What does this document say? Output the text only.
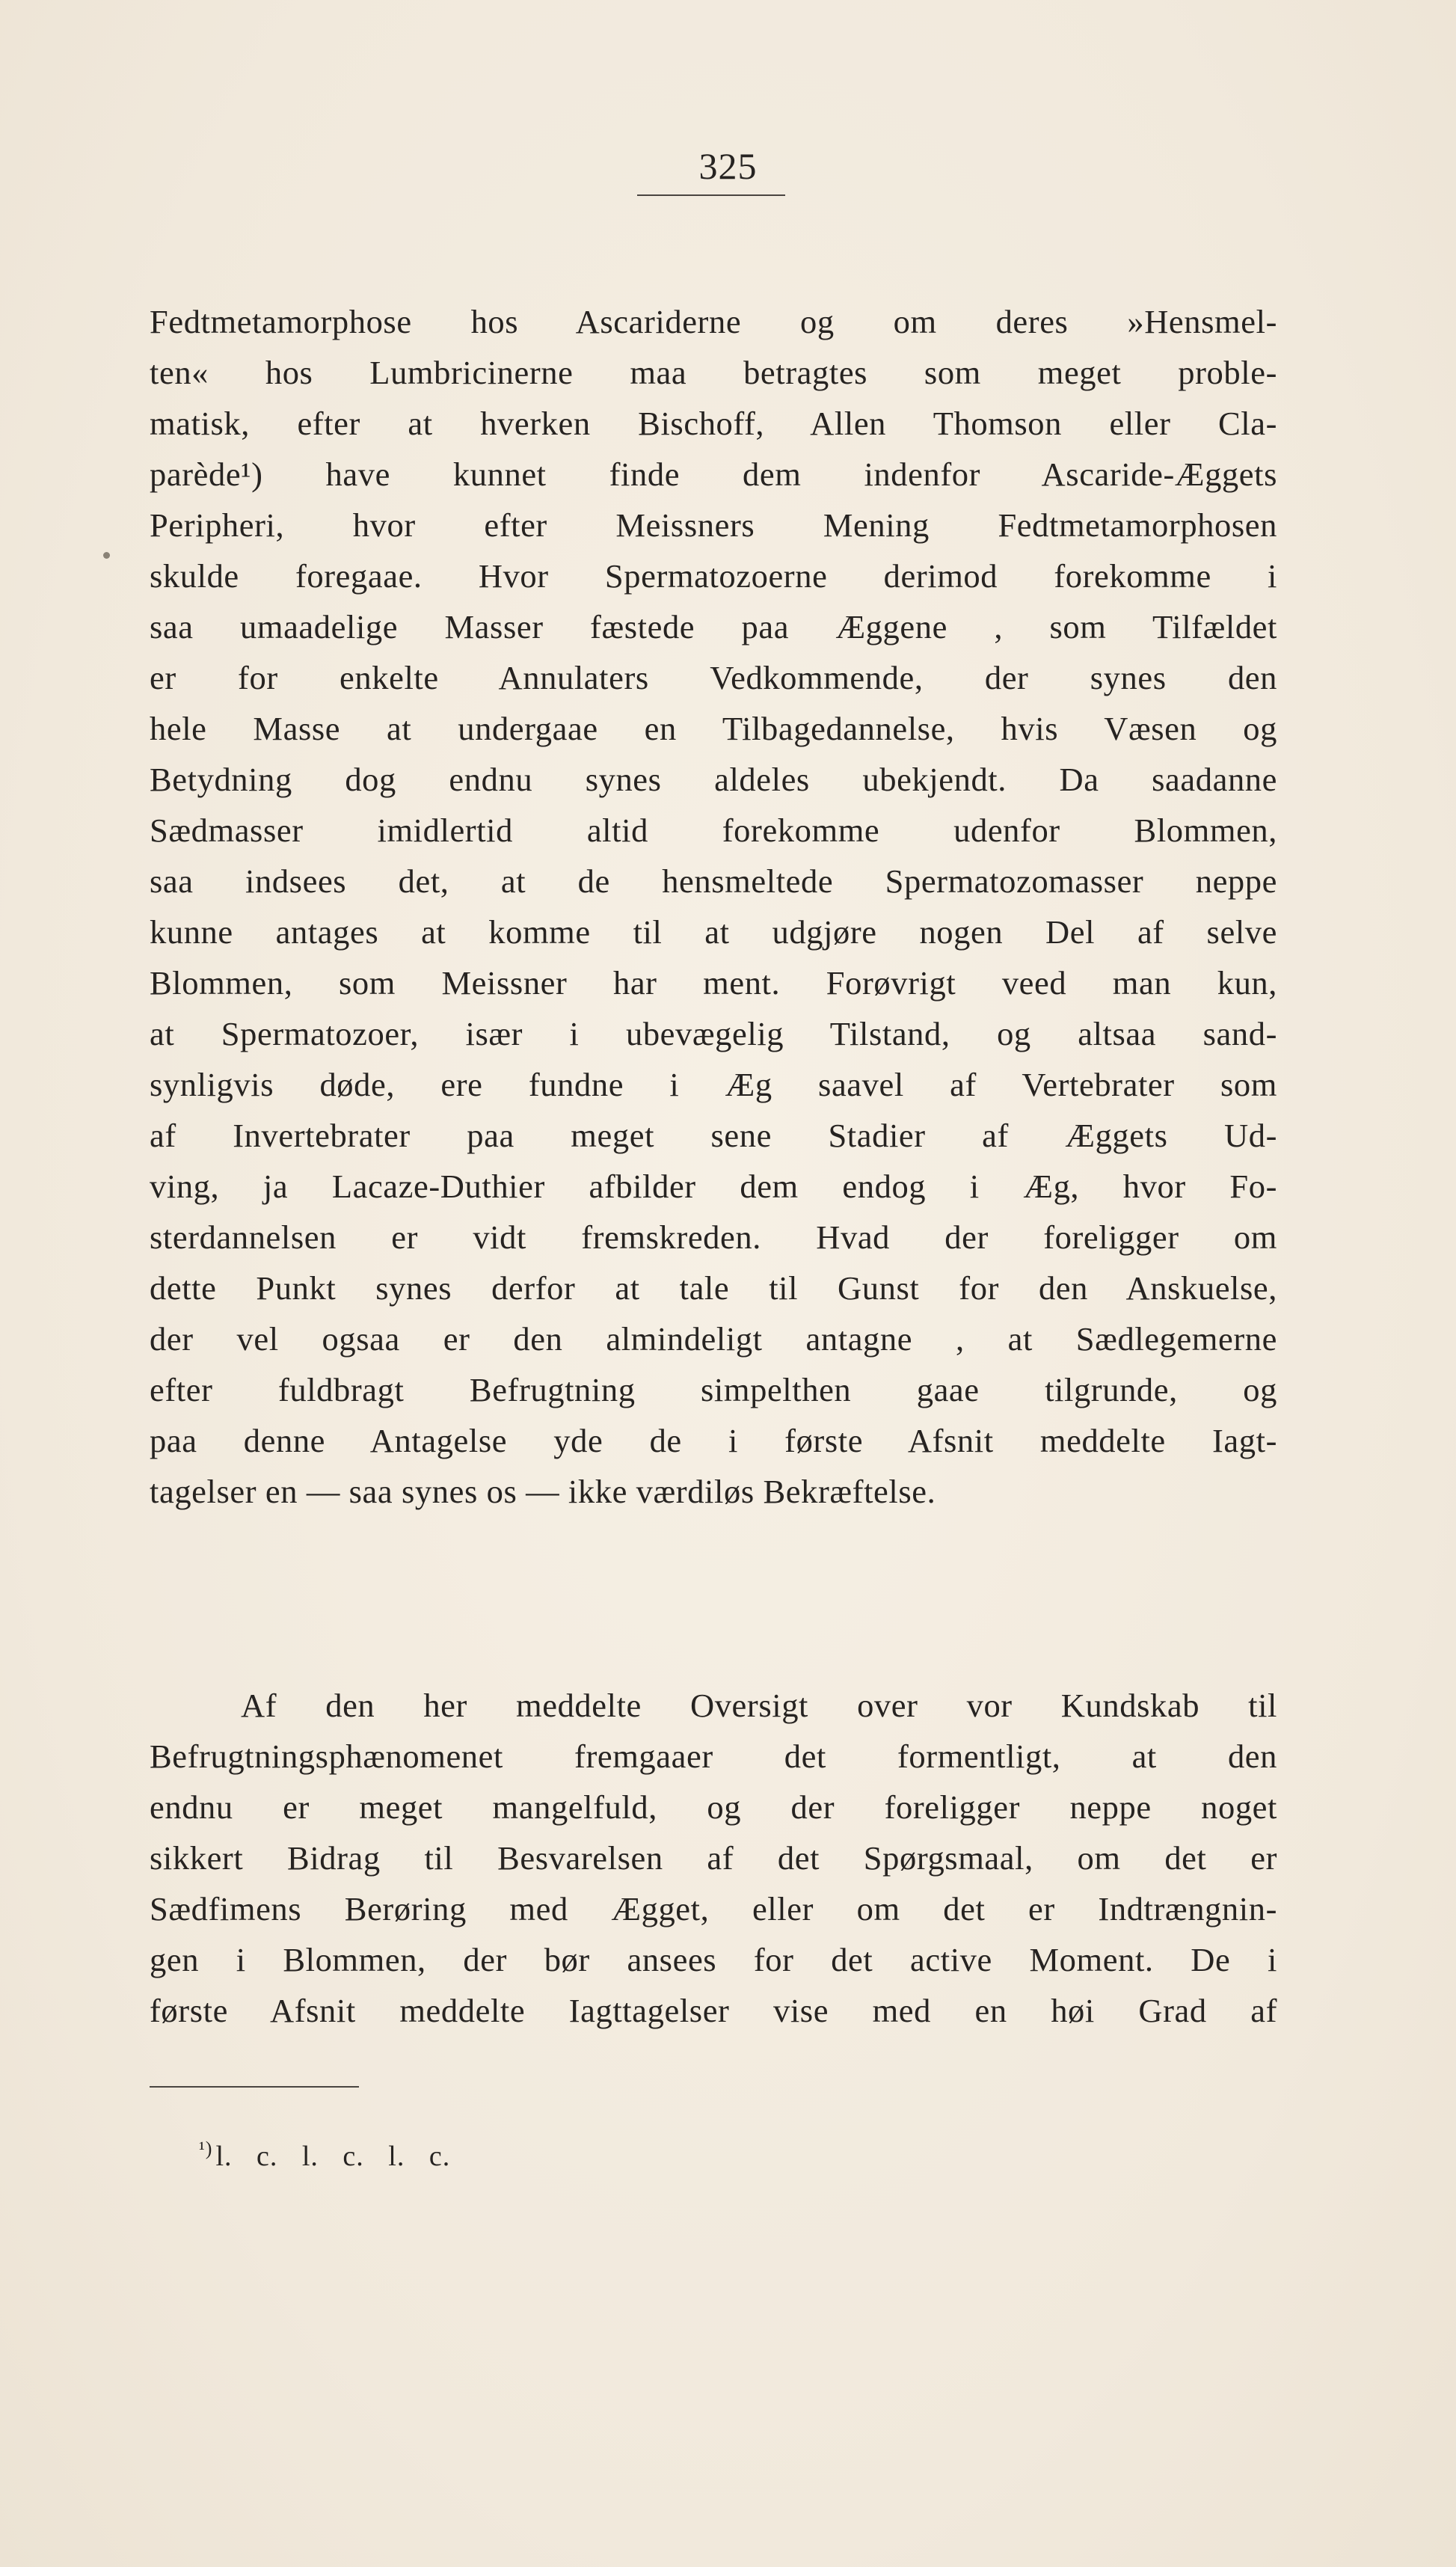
325
Fedtmetamorphose hos Ascariderne og om deres »Hensmel-
ten« hos Lumbricinerne maa betragtes som meget proble-
matisk, efter at hverken Bischoff, Allen Thomson eller Cla-
parède¹) have kunnet finde dem indenfor Ascaride-Æggets
Peripheri, hvor efter Meissners Mening Fedtmetamorphosen
skulde foregaae. Hvor Spermatozoerne derimod forekomme i
saa umaadelige Masser fæstede paa Æggene , som Tilfældet
er for enkelte Annulaters Vedkommende, der synes den
hele Masse at undergaae en Tilbagedannelse, hvis Væsen og
Betydning dog endnu synes aldeles ubekjendt. Da saadanne
Sædmasser imidlertid altid forekomme udenfor Blommen,
saa indsees det, at de hensmeltede Spermatozomasser neppe
kunne antages at komme til at udgjøre nogen Del af selve
Blommen, som Meissner har ment. Forøvrigt veed man kun,
at Spermatozoer, især i ubevægelig Tilstand, og altsaa sand-
synligvis døde, ere fundne i Æg saavel af Vertebrater som
af Invertebrater paa meget sene Stadier af Æggets Ud-
ving, ja Lacaze-Duthier afbilder dem endog i Æg, hvor Fo-
sterdannelsen er vidt fremskreden. Hvad der foreligger om
dette Punkt synes derfor at tale til Gunst for den Anskuelse,
der vel ogsaa er den almindeligt antagne , at Sædlegemerne
efter fuldbragt Befrugtning simpelthen gaae tilgrunde, og
paa denne Antagelse yde de i første Afsnit meddelte Iagt-
tagelser en — saa synes os — ikke værdiløs Bekræftelse.
Af den her meddelte Oversigt over vor Kundskab til
Befrugtningsphænomenet fremgaaer det formentligt, at den
endnu er meget mangelfuld, og der foreligger neppe noget
sikkert Bidrag til Besvarelsen af det Spørgsmaal, om det er
Sædfimens Berøring med Ægget, eller om det er Indtrængnin-
gen i Blommen, der bør ansees for det active Moment. De i
første Afsnit meddelte Iagttagelser vise med en høi Grad af
$^{^1)}$ l. c. l. c. l. c.
